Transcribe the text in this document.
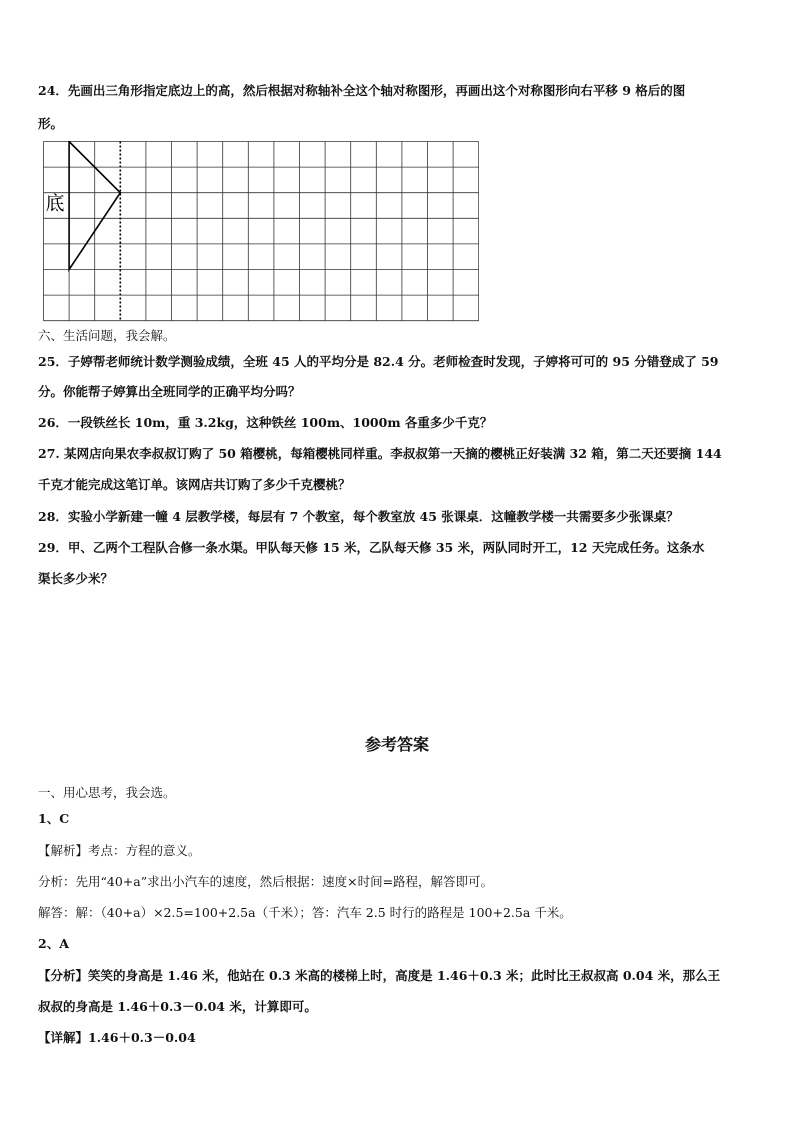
24．先画出三角形指定底边上的高，然后根据对称轴补全这个轴对称图形，再画出这个对称图形向右平移 9 格后的图

形。

底

六、生活问题，我会解。

25．子婷帮老师统计数学测验成绩，全班 45 人的平均分是 82.4 分。老师检查时发现，子婷将可可的 95 分错登成了 59

分。你能帮子婷算出全班同学的正确平均分吗？

26．一段铁丝长 10m，重 3.2kg，这种铁丝 100m、1000m 各重多少千克？

27. 某网店向果农李叔叔订购了 50 箱樱桃，每箱樱桃同样重。李叔叔第一天摘的樱桃正好装满 32 箱，第二天还要摘 144

千克才能完成这笔订单。该网店共订购了多少千克樱桃？

28．实验小学新建一幢 4 层教学楼，每层有 7 个教室，每个教室放 45 张课桌．这幢教学楼一共需要多少张课桌？

29．甲、乙两个工程队合修一条水渠。甲队每天修 15 米，乙队每天修 35 米，两队同时开工，12 天完成任务。这条水

渠长多少米？

参考答案

一、用心思考，我会选。

1、C

【解析】考点：方程的意义。

分析：先用“40+a”求出小汽车的速度，然后根据：速度×时间=路程，解答即可。

解答：解：（40+a）×2.5=100+2.5a（千米）；答：汽车 2.5 时行的路程是 100+2.5a 千米。

2、A

【分析】笑笑的身高是 1.46 米，他站在 0.3 米高的楼梯上时，高度是 1.46＋0.3 米；此时比王叔叔高 0.04 米，那么王

叔叔的身高是 1.46＋0.3－0.04 米，计算即可。

【详解】1.46＋0.3－0.04
